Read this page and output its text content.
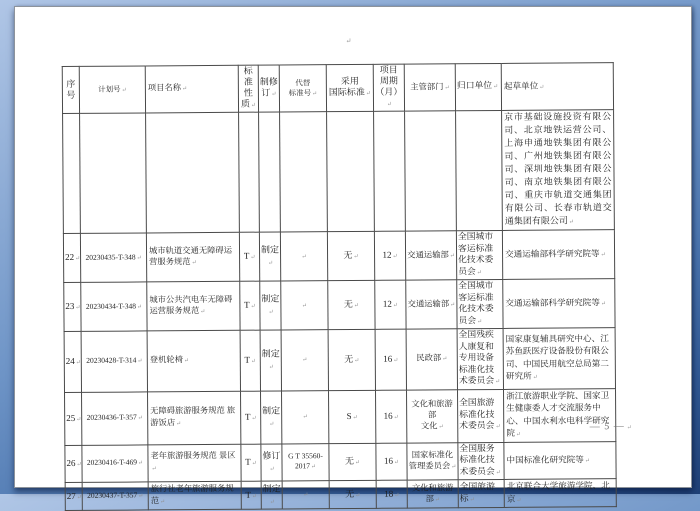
↵
序号	计划号 ↵	项目名称 ↵	标准
性质 ↵	制修
订 ↵	代替
标准号 ↵	采用
国际标准 ↵	项目
周期
（月） ↵	主管部门 ↵	归口单位 ↵	起草单位 ↵
										京市基础设施投资有限公司、北京地铁运营公司、上海申通地铁集团有限公司、广州地铁集团有限公司、深圳地铁集团有限公司、南京地铁集团有限公司、重庆市轨道交通集团有限公司、长春市轨道交通集团有限公司 ↵
22 ↵	20230435-T-348 ↵	城市轨道交通无障碍运营服务规范 ↵	T ↵	制定 ↵	↵	无 ↵	12 ↵	交通运输部 ↵	全国城市客运标准化技术委员会 ↵	交通运输部科学研究院等 ↵
23 ↵	20230434-T-348 ↵	城市公共汽电车无障碍运营服务规范 ↵	T ↵	制定 ↵	↵	无 ↵	12 ↵	交通运输部 ↵	全国城市客运标准化技术委员会 ↵	交通运输部科学研究院等 ↵
24 ↵	20230428-T-314 ↵	登机轮椅 ↵	T ↵	制定 ↵	↵	无 ↵	16 ↵	民政部 ↵	全国残疾人康复和专用设备标准化技术委员会 ↵	国家康复辅具研究中心、江苏鱼跃医疗设备股份有限公司、中国民用航空总局第二研究所 ↵
25 ↵	20230436-T-357 ↵	无障碍旅游服务规范 旅游饭店 ↵	T ↵	制定 ↵	↵	S ↵	16 ↵	文化和旅游部
文化 ↵	全国旅游标准化技术委员会 ↵	浙江旅游职业学院、国家卫生健康委人才交流服务中心、中国水利水电科学研究院 ↵
26 ↵	20230416-T-469 ↵	老年旅游服务规范 景区 ↵	T ↵	修订 ↵	G T 35560-2017 ↵	无 ↵	16 ↵	国家标准化管理委员会 ↵	全国服务标准化技术委员会 ↵	中国标准化研究院等 ↵
27 ↵	20230437-T-357 ↵	旅行社老年旅游服务规范 ↵	T ↵	制定 ↵	↵	无 ↵	18 ↵	文化和旅游部 ↵	全国旅游标 ↵	北京联合大学旅游学院、北京 ↵
— 5 — ↵
